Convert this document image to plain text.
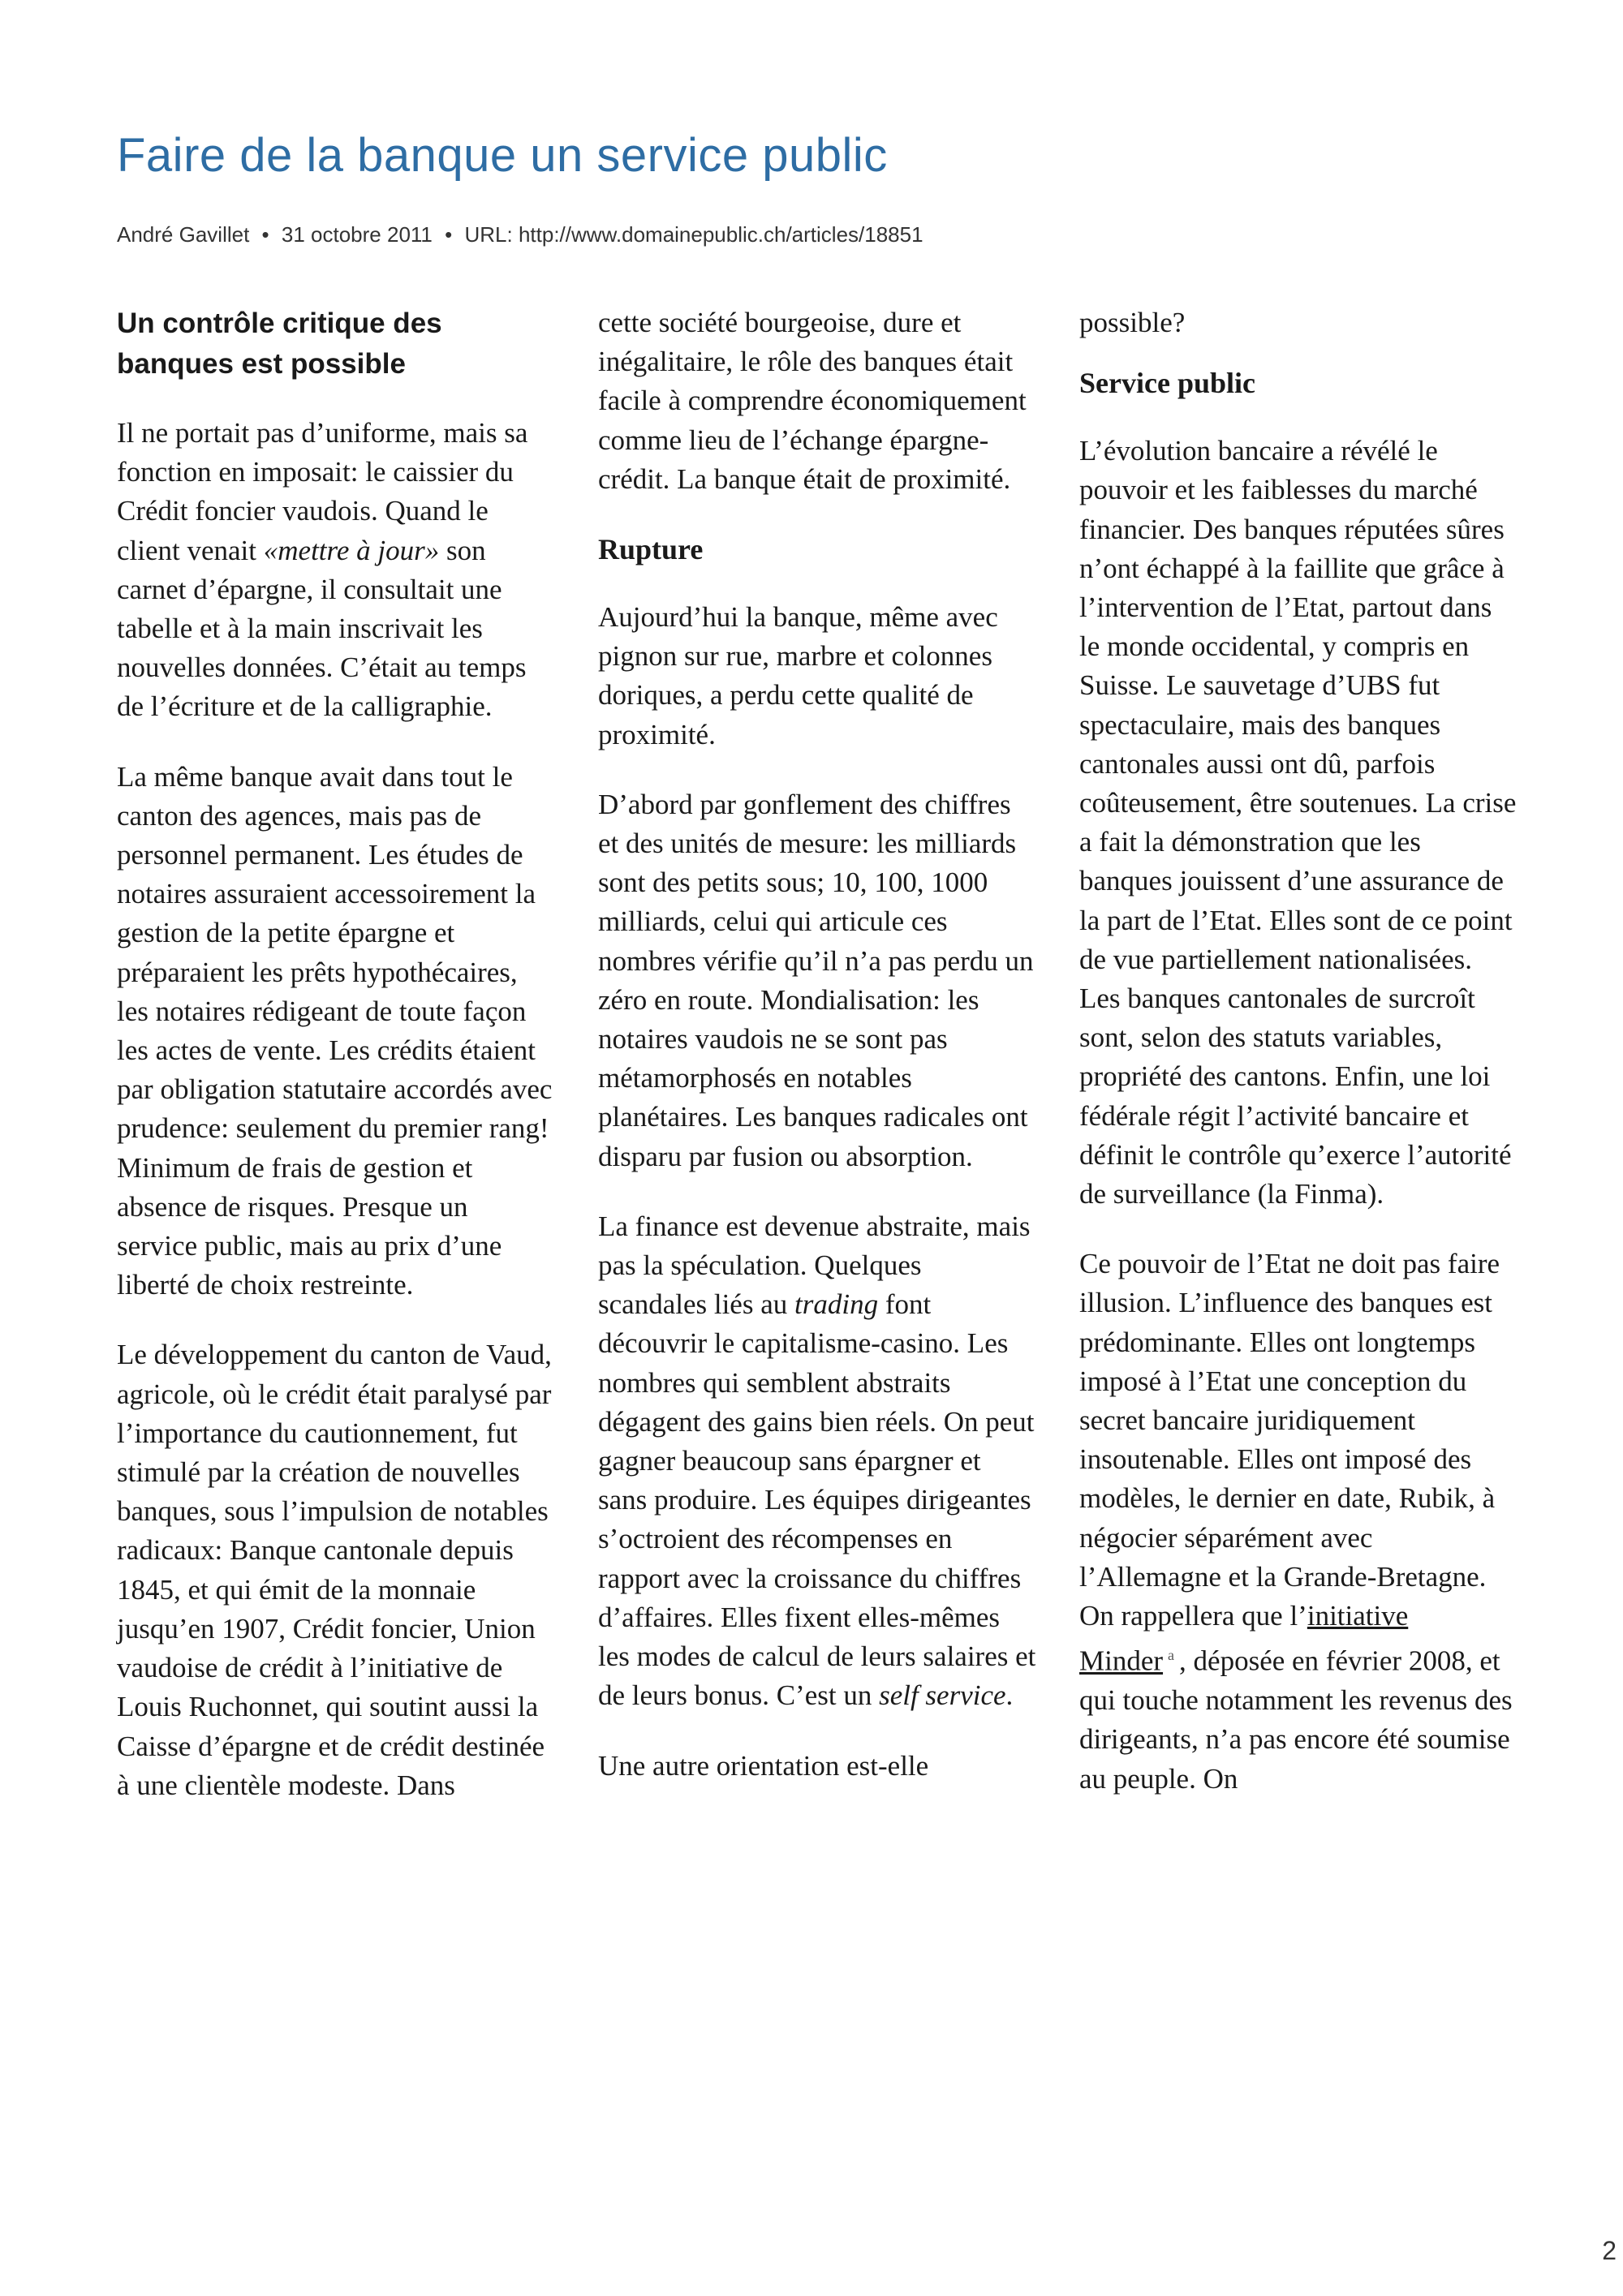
Faire de la banque un service public
André Gavillet • 31 octobre 2011 • URL: http://www.domainepublic.ch/articles/18851
Un contrôle critique des banques est possible

Il ne portait pas d’uniforme, mais sa fonction en imposait: le caissier du Crédit foncier vaudois. Quand le client venait «mettre à jour» son carnet d’épargne, il consultait une tabelle et à la main inscrivait les nouvelles données. C’était au temps de l’écriture et de la calligraphie.

La même banque avait dans tout le canton des agences, mais pas de personnel permanent. Les études de notaires assuraient accessoirement la gestion de la petite épargne et préparaient les prêts hypothécaires, les notaires rédigeant de toute façon les actes de vente. Les crédits étaient par obligation statutaire accordés avec prudence: seulement du premier rang! Minimum de frais de gestion et absence de risques. Presque un service public, mais au prix d’une liberté de choix restreinte.

Le développement du canton de Vaud, agricole, où le crédit était paralysé par l’importance du cautionnement, fut stimulé par la création de nouvelles banques, sous l’impulsion de notables radicaux: Banque cantonale depuis 1845, et qui émit de la monnaie jusqu’en 1907, Crédit foncier, Union vaudoise de crédit à l’initiative de Louis Ruchonnet, qui soutint aussi la Caisse d’épargne et de crédit destinée à une clientèle modeste. Dans

cette société bourgeoise, dure et inégalitaire, le rôle des banques était facile à comprendre économiquement comme lieu de l’échange épargne-crédit. La banque était de proximité.

Rupture

Aujourd’hui la banque, même avec pignon sur rue, marbre et colonnes doriques, a perdu cette qualité de proximité.

D’abord par gonflement des chiffres et des unités de mesure: les milliards sont des petits sous; 10, 100, 1000 milliards, celui qui articule ces nombres vérifie qu’il n’a pas perdu un zéro en route. Mondialisation: les notaires vaudois ne se sont pas métamorphosés en notables planétaires. Les banques radicales ont disparu par fusion ou absorption.

La finance est devenue abstraite, mais pas la spéculation. Quelques scandales liés au trading font découvrir le capitalisme-casino. Les nombres qui semblent abstraits dégagent des gains bien réels. On peut gagner beaucoup sans épargner et sans produire. Les équipes dirigeantes s’octroient des récompenses en rapport avec la croissance du chiffres d’affaires. Elles fixent elles-mêmes les modes de calcul de leurs salaires et de leurs bonus. C’est un self service.

Une autre orientation est-elle

possible?

Service public

L’évolution bancaire a révélé le pouvoir et les faiblesses du marché financier. Des banques réputées sûres n’ont échappé à la faillite que grâce à l’intervention de l’Etat, partout dans le monde occidental, y compris en Suisse. Le sauvetage d’UBS fut spectaculaire, mais des banques cantonales aussi ont dû, parfois coûteusement, être soutenues. La crise a fait la démonstration que les banques jouissent d’une assurance de la part de l’Etat. Elles sont de ce point de vue partiellement nationalisées. Les banques cantonales de surcroît sont, selon des statuts variables, propriété des cantons. Enfin, une loi fédérale régit l’activité bancaire et définit le contrôle qu’exerce l’autorité de surveillance (la Finma).

Ce pouvoir de l’Etat ne doit pas faire illusion. L’influence des banques est prédominante. Elles ont longtemps imposé à l’Etat une conception du secret bancaire juridiquement insoutenable. Elles ont imposé des modèles, le dernier en date, Rubik, à négocier séparément avec l’Allemagne et la Grande-Bretagne. On rappellera que l’initiative Minder $^a$ , déposée en février 2008, et qui touche notamment les revenus des dirigeants, n’a pas encore été soumise au peuple. On

2
